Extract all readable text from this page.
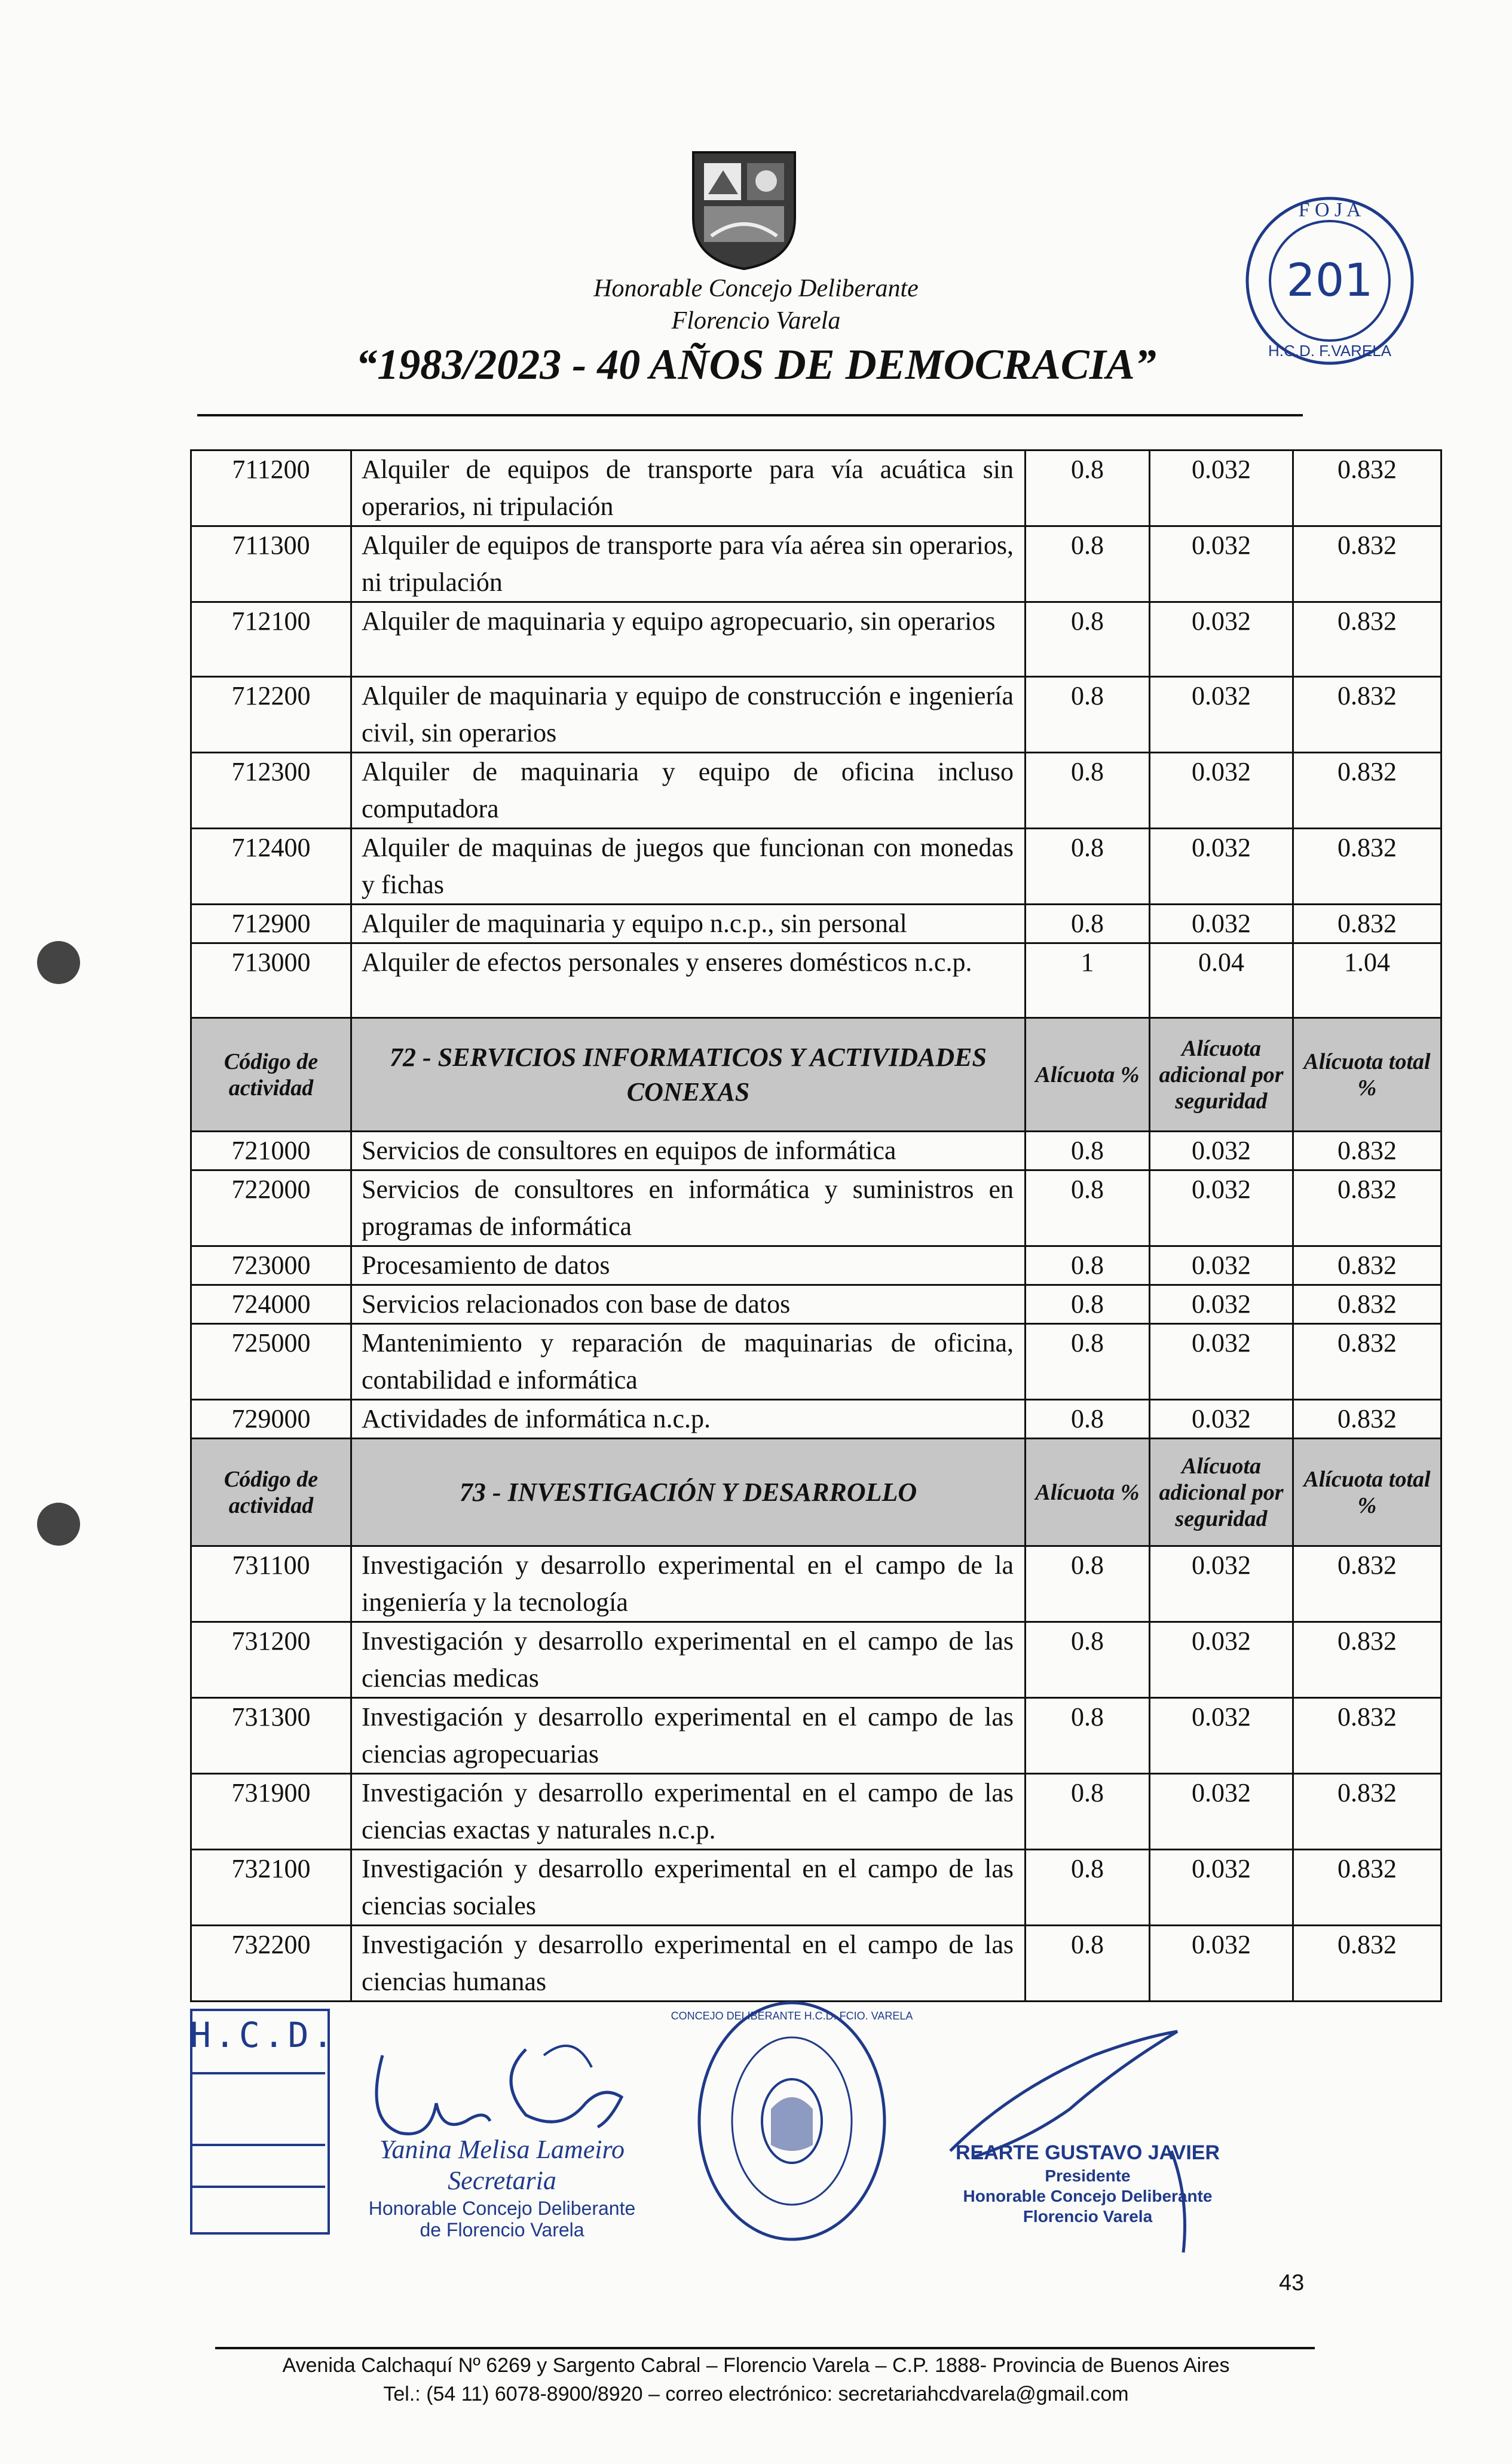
Honorable Concejo Deliberante
Florencio Varela
“1983/2023 - 40 AÑOS DE DEMOCRACIA”
F O J A
201
H.C.D. F.VARELA
711200	Alquiler de equipos de transporte para vía acuática sin operarios, ni tripulación	0.8	0.032	0.832
711300	Alquiler de equipos de transporte para vía aérea sin operarios, ni tripulación	0.8	0.032	0.832
712100	Alquiler de maquinaria y equipo agropecuario, sin operarios	0.8	0.032	0.832
712200	Alquiler de maquinaria y equipo de construcción e ingeniería civil, sin operarios	0.8	0.032	0.832
712300	Alquiler de maquinaria y equipo de oficina incluso computadora	0.8	0.032	0.832
712400	Alquiler de maquinas de juegos que funcionan con monedas y fichas	0.8	0.032	0.832
712900	Alquiler de maquinaria y equipo n.c.p., sin personal	0.8	0.032	0.832
713000	Alquiler de efectos personales y enseres domésticos n.c.p.	1	0.04	1.04
Código de actividad	72 - SERVICIOS INFORMATICOS Y ACTIVIDADES CONEXAS	Alícuota %	Alícuota adicional por seguridad	Alícuota total %
721000	Servicios de consultores en equipos de informática	0.8	0.032	0.832
722000	Servicios de consultores en informática y suministros en programas de informática	0.8	0.032	0.832
723000	Procesamiento de datos	0.8	0.032	0.832
724000	Servicios relacionados con base de datos	0.8	0.032	0.832
725000	Mantenimiento y reparación de maquinarias de oficina, contabilidad e informática	0.8	0.032	0.832
729000	Actividades de informática n.c.p.	0.8	0.032	0.832
Código de actividad	73 - INVESTIGACIÓN Y DESARROLLO	Alícuota %	Alícuota adicional por seguridad	Alícuota total %
731100	Investigación y desarrollo experimental en el campo de la ingeniería y la tecnología	0.8	0.032	0.832
731200	Investigación y desarrollo experimental en el campo de las ciencias medicas	0.8	0.032	0.832
731300	Investigación y desarrollo experimental en el campo de las ciencias agropecuarias	0.8	0.032	0.832
731900	Investigación y desarrollo experimental en el campo de las ciencias exactas y naturales n.c.p.	0.8	0.032	0.832
732100	Investigación y desarrollo experimental en el campo de las ciencias sociales	0.8	0.032	0.832
732200	Investigación y desarrollo experimental en el campo de las ciencias humanas	0.8	0.032	0.832
H.C.D.
Yanina Melisa Lameiro
Secretaria
Honorable Concejo Deliberante
de Florencio Varela
CONCEJO DELIBERANTE H.C.D. FCIO. VARELA
REARTE GUSTAVO JAVIER
Presidente
Honorable Concejo Deliberante
Florencio Varela
43
Avenida Calchaquí Nº 6269 y Sargento Cabral – Florencio Varela – C.P. 1888- Provincia de Buenos Aires
Tel.: (54 11) 6078-8900/8920 – correo electrónico: secretariahcdvarela@gmail.com
